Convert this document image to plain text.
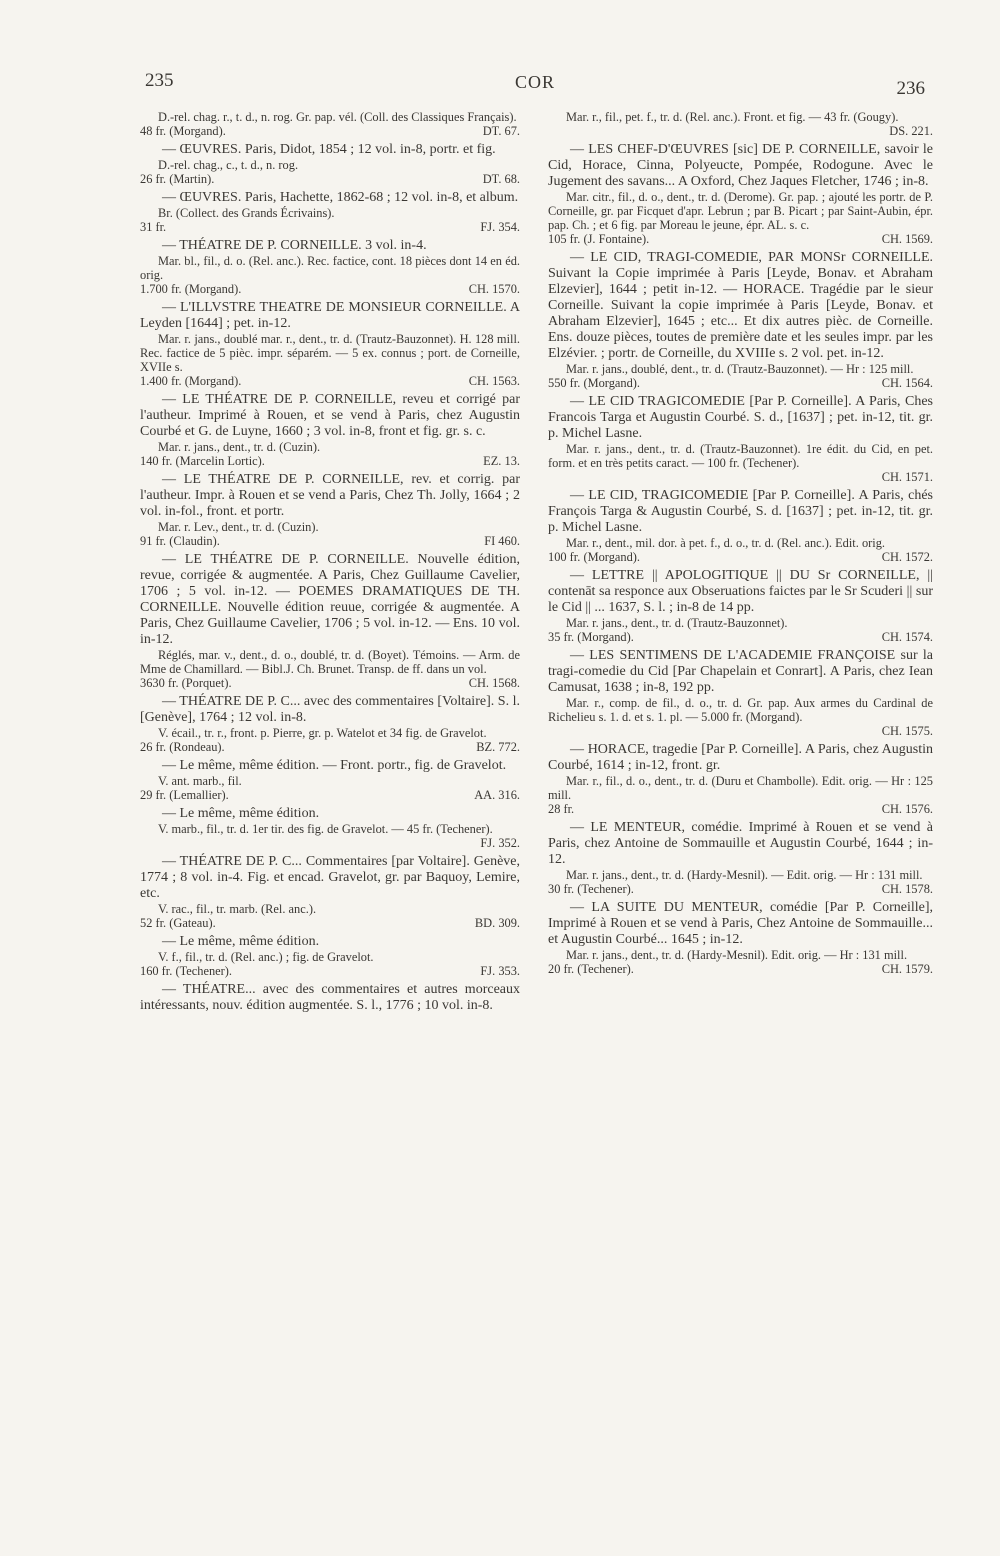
235	COR	236
D.-rel. chag. r., t. d., n. rog. Gr. pap. vél. (Coll. des Classiques Français).
48 fr. (Morgand).	DT. 67.
— ŒUVRES. Paris, Didot, 1854 ; 12 vol. in-8, portr. et fig.
D.-rel. chag., c., t. d., n. rog.
26 fr. (Martin).	DT. 68.
— ŒUVRES. Paris, Hachette, 1862-68 ; 12 vol. in-8, et album.
Br. (Collect. des Grands Écrivains).
31 fr.	FJ. 354.
— THÉATRE DE P. CORNEILLE. 3 vol. in-4.
Mar. bl., fil., d. o. (Rel. anc.). Rec. factice, cont. 18 pièces dont 14 en éd. orig.
1.700 fr. (Morgand).	CH. 1570.
— L'ILLVSTRE THEATRE DE MONSIEUR CORNEILLE. A Leyden [1644] ; pet. in-12.
Mar. r. jans., doublé mar. r., dent., tr. d. (Trautz-Bauzonnet). H. 128 mill. Rec. factice de 5 pièc. impr. séparém. — 5 ex. connus ; port. de Corneille, XVIIe s.
1.400 fr. (Morgand).	CH. 1563.
— LE THÉATRE DE P. CORNEILLE, reveu et corrigé par l'autheur. Imprimé à Rouen, et se vend à Paris, chez Augustin Courbé et G. de Luyne, 1660 ; 3 vol. in-8, front et fig. gr. s. c.
Mar. r. jans., dent., tr. d. (Cuzin).
140 fr. (Marcelin Lortic).	EZ. 13.
— LE THÉATRE DE P. CORNEILLE, rev. et corrig. par l'autheur. Impr. à Rouen et se vend a Paris, Chez Th. Jolly, 1664 ; 2 vol. in-fol., front. et portr.
Mar. r. Lev., dent., tr. d. (Cuzin).
91 fr. (Claudin).	FI 460.
— LE THÉATRE DE P. CORNEILLE. Nouvelle édition, revue, corrigée & augmentée. A Paris, Chez Guillaume Cavelier, 1706 ; 5 vol. in-12. — POEMES DRAMATIQUES DE TH. CORNEILLE. Nouvelle édition reuue, corrigée & augmentée. A Paris, Chez Guillaume Cavelier, 1706 ; 5 vol. in-12. — Ens. 10 vol. in-12.
Réglés, mar. v., dent., d. o., doublé, tr. d. (Boyet). Témoins. — Arm. de Mme de Chamillard. — Bibl.J. Ch. Brunet. Transp. de ff. dans un vol.
3630 fr. (Porquet).	CH. 1568.
— THÉATRE DE P. C... avec des commentaires [Voltaire]. S. l. [Genève], 1764 ; 12 vol. in-8.
V. écail., tr. r., front. p. Pierre, gr. p. Watelot et 34 fig. de Gravelot.
26 fr. (Rondeau).	BZ. 772.
— Le même, même édition. — Front. portr., fig. de Gravelot.
V. ant. marb., fil.
29 fr. (Lemallier).	AA. 316.
— Le même, même édition.
V. marb., fil., tr. d. 1er tir. des fig. de Gravelot. — 45 fr. (Techener).
FJ. 352.
— THÉATRE DE P. C... Commentaires [par Voltaire]. Genève, 1774 ; 8 vol. in-4. Fig. et encad. Gravelot, gr. par Baquoy, Lemire, etc.
V. rac., fil., tr. marb. (Rel. anc.).
52 fr. (Gateau).	BD. 309.
— Le même, même édition.
V. f., fil., tr. d. (Rel. anc.) ; fig. de Gravelot.
160 fr. (Techener).	FJ. 353.
— THÉATRE... avec des commentaires et autres morceaux intéressants, nouv. édition augmentée. S. l., 1776 ; 10 vol. in-8.
Mar. r., fil., pet. f., tr. d. (Rel. anc.). Front. et fig. — 43 fr. (Gougy).
DS. 221.
— LES CHEF-D'ŒUVRES [sic] DE P. CORNEILLE, savoir le Cid, Horace, Cinna, Polyeucte, Pompée, Rodogune. Avec le Jugement des savans... A Oxford, Chez Jaques Fletcher, 1746 ; in-8.
Mar. citr., fil., d. o., dent., tr. d. (Derome). Gr. pap. ; ajouté les portr. de P. Corneille, gr. par Ficquet d'apr. Lebrun ; par B. Picart ; par Saint-Aubin, épr. pap. Ch. ; et 6 fig. par Moreau le jeune, épr. AL. s. c.
105 fr. (J. Fontaine).	CH. 1569.
— LE CID, TRAGI-COMEDIE, PAR MONSr CORNEILLE. Suivant la Copie imprimée à Paris [Leyde, Bonav. et Abraham Elzevier], 1644 ; petit in-12. — HORACE. Tragédie par le sieur Corneille. Suivant la copie imprimée à Paris [Leyde, Bonav. et Abraham Elzevier], 1645 ; etc... Et dix autres pièc. de Corneille. Ens. douze pièces, toutes de première date et les seules impr. par les Elzévier. ; portr. de Corneille, du XVIIIe s. 2 vol. pet. in-12.
Mar. r. jans., doublé, dent., tr. d. (Trautz-Bauzonnet). — Hr : 125 mill.
550 fr. (Morgand).	CH. 1564.
— LE CID TRAGICOMEDIE [Par P. Corneille]. A Paris, Ches Francois Targa et Augustin Courbé. S. d., [1637] ; pet. in-12, tit. gr. p. Michel Lasne.
Mar. r. jans., dent., tr. d. (Trautz-Bauzonnet). 1re édit. du Cid, en pet. form. et en très petits caract. — 100 fr. (Techener).
CH. 1571.
— LE CID, TRAGICOMEDIE [Par P. Corneille]. A Paris, chés François Targa & Augustin Courbé, S. d. [1637] ; pet. in-12, tit. gr. p. Michel Lasne.
Mar. r., dent., mil. dor. à pet. f., d. o., tr. d. (Rel. anc.). Edit. orig.
100 fr. (Morgand).	CH. 1572.
— LETTRE || APOLOGITIQUE || DU Sr CORNEILLE, || contenāt sa responce aux Obseruations faictes par le Sr Scuderi || sur le Cid || ... 1637, S. l. ; in-8 de 14 pp.
Mar. r. jans., dent., tr. d. (Trautz-Bauzonnet).
35 fr. (Morgand).	CH. 1574.
— LES SENTIMENS DE L'ACADEMIE FRANÇOISE sur la tragi-comedie du Cid [Par Chapelain et Conrart]. A Paris, chez Iean Camusat, 1638 ; in-8, 192 pp.
Mar. r., comp. de fil., d. o., tr. d. Gr. pap. Aux armes du Cardinal de Richelieu s. 1. d. et s. 1. pl. — 5.000 fr. (Morgand).
CH. 1575.
— HORACE, tragedie [Par P. Corneille]. A Paris, chez Augustin Courbé, 1614 ; in-12, front. gr.
Mar. r., fil., d. o., dent., tr. d. (Duru et Chambolle). Edit. orig. — Hr : 125 mill.
28 fr.	CH. 1576.
— LE MENTEUR, comédie. Imprimé à Rouen et se vend à Paris, chez Antoine de Sommauille et Augustin Courbé, 1644 ; in-12.
Mar. r. jans., dent., tr. d. (Hardy-Mesnil). — Edit. orig. — Hr : 131 mill.
30 fr. (Techener).	CH. 1578.
— LA SUITE DU MENTEUR, comédie [Par P. Corneille], Imprimé à Rouen et se vend à Paris, Chez Antoine de Sommauille... et Augustin Courbé... 1645 ; in-12.
Mar. r. jans., dent., tr. d. (Hardy-Mesnil). Edit. orig. — Hr : 131 mill.
20 fr. (Techener).	CH. 1579.
